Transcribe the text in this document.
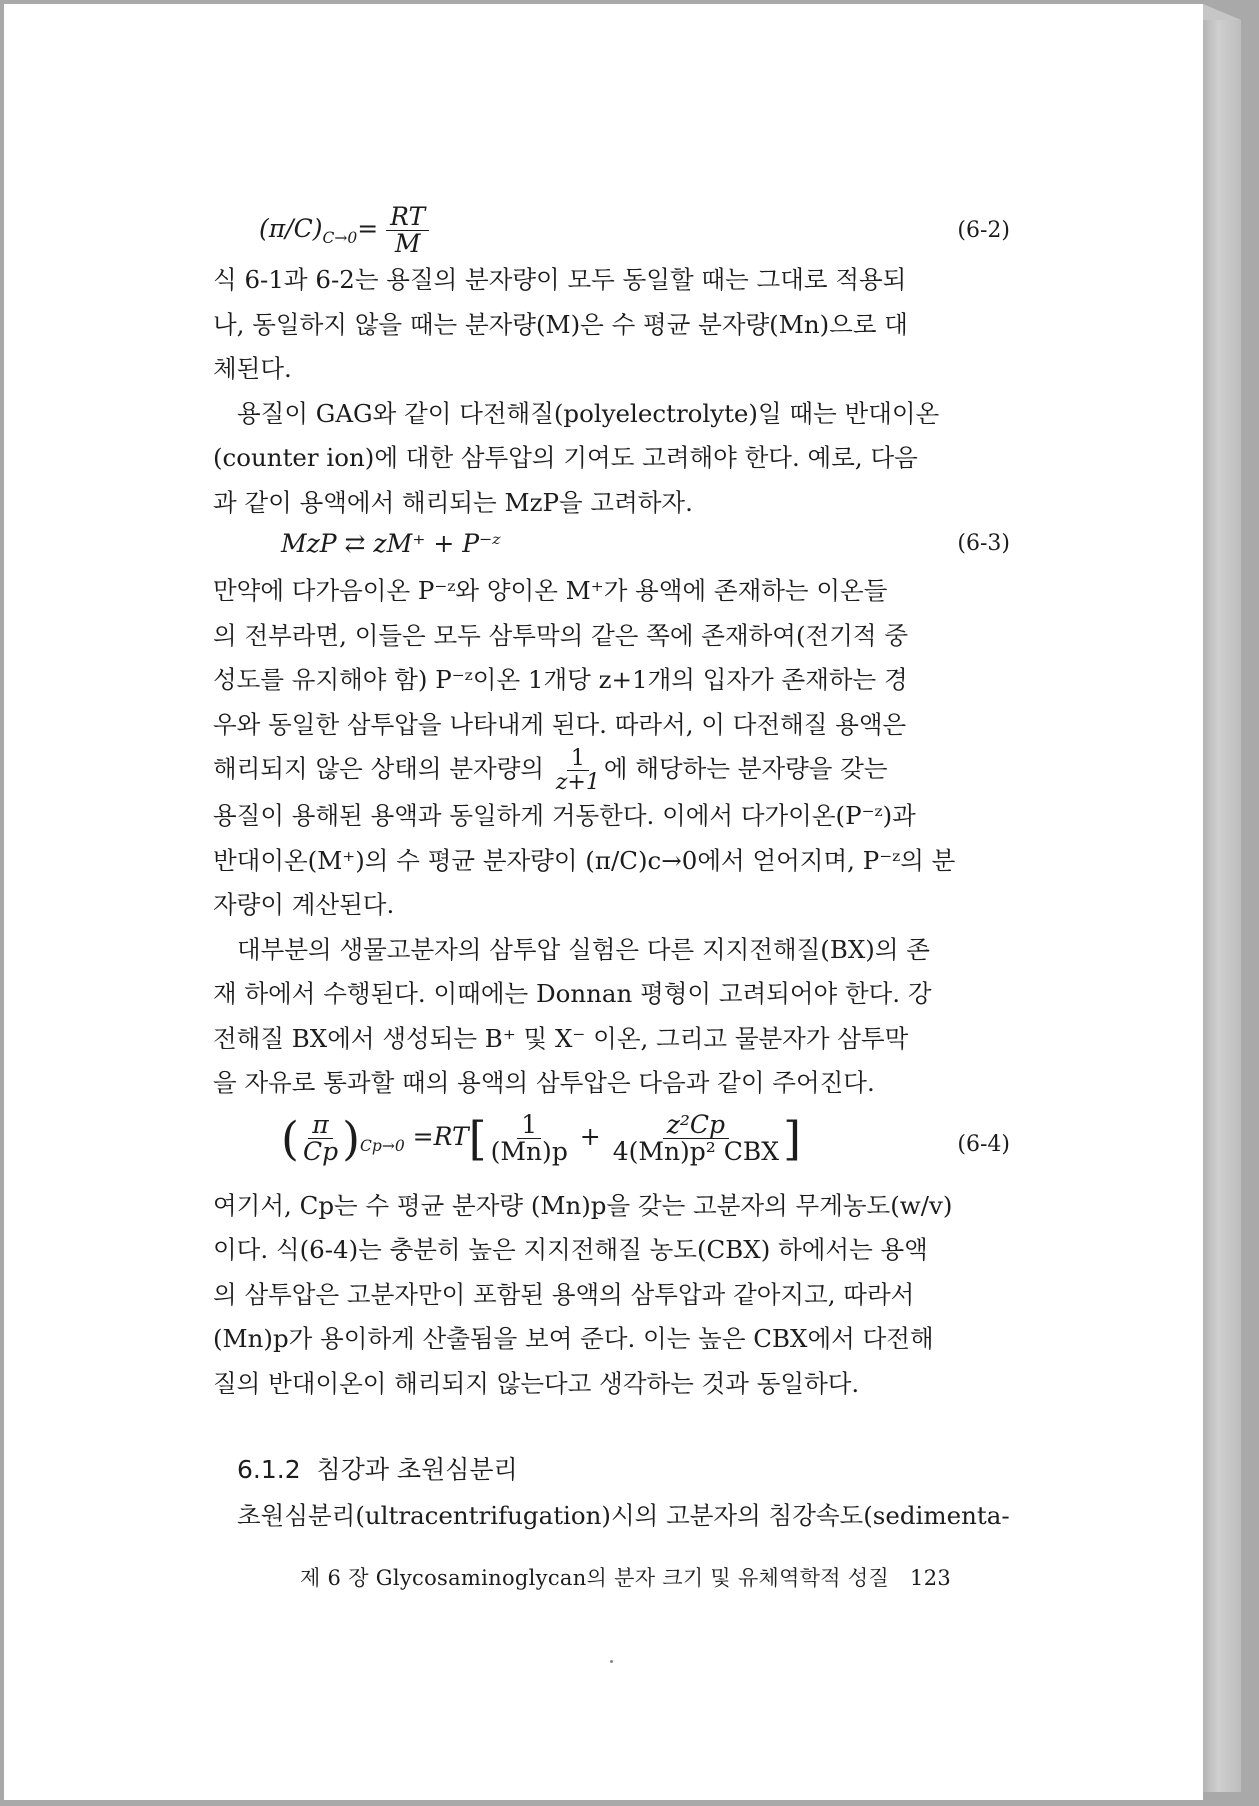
$(\pi/C)_{C\to 0}= \frac{RT}{M}$	(6-2)

식 6-1과 6-2는 용질의 분자량이 모두 동일할 때는 그대로 적용되

나, 동일하지 않을 때는 분자량(M)은 수 평균 분자량(Mn)으로 대

체된다.

용질이 GAG와 같이 다전해질(polyelectrolyte)일 때는 반대이온

(counter ion)에 대한 삼투압의 기여도 고려해야 한다. 예로, 다음

과 같이 용액에서 해리되는 MzP을 고려하자.

MzP ⇄ zM⁺ + P⁻ᶻ	(6-3)

만약에 다가음이온 P⁻ᶻ와 양이온 M⁺가 용액에 존재하는 이온들

의 전부라면, 이들은 모두 삼투막의 같은 쪽에 존재하여(전기적 중

성도를 유지해야 함) P⁻ᶻ이온 1개당 z+1개의 입자가 존재하는 경

우와 동일한 삼투압을 나타내게 된다. 따라서, 이 다전해질 용액은

해리되지 않은 상태의 분자량의 $\frac{1}{z+1}$ 에 해당하는 분자량을 갖는

용질이 용해된 용액과 동일하게 거동한다. 이에서 다가이온(P⁻ᶻ)과

반대이온(M⁺)의 수 평균 분자량이 (π/C)c→0에서 얻어지며, P⁻ᶻ의 분

자량이 계산된다.

대부분의 생물고분자의 삼투압 실험은 다른 지지전해질(BX)의 존

재 하에서 수행된다. 이때에는 Donnan 평형이 고려되어야 한다. 강

전해질 BX에서 생성되는 B⁺ 및 X⁻ 이온, 그리고 물분자가 삼투막

을 자유로 통과할 때의 용액의 삼투압은 다음과 같이 주어진다.

( $\frac{\pi}{Cp} )_{Cp\to 0} =RT[ \frac{1}{(Mn)p} + \frac{\text{z²Cp}}{\text{4(Mn)p² CBX}}$ ]	(6-4)

여기서, Cp는 수 평균 분자량 (Mn)p을 갖는 고분자의 무게농도(w/v)

이다. 식(6-4)는 충분히 높은 지지전해질 농도(CBX) 하에서는 용액

의 삼투압은 고분자만이 포함된 용액의 삼투압과 같아지고, 따라서

(Mn)p가 용이하게 산출됨을 보여 준다. 이는 높은 CBX에서 다전해

질의 반대이온이 해리되지 않는다고 생각하는 것과 동일하다.

6.1.2 침강과 초원심분리

초원심분리(ultracentrifugation)시의 고분자의 침강속도(sedimenta-

제 6 장 Glycosaminoglycan의 분자 크기 및 유체역학적 성질 123
